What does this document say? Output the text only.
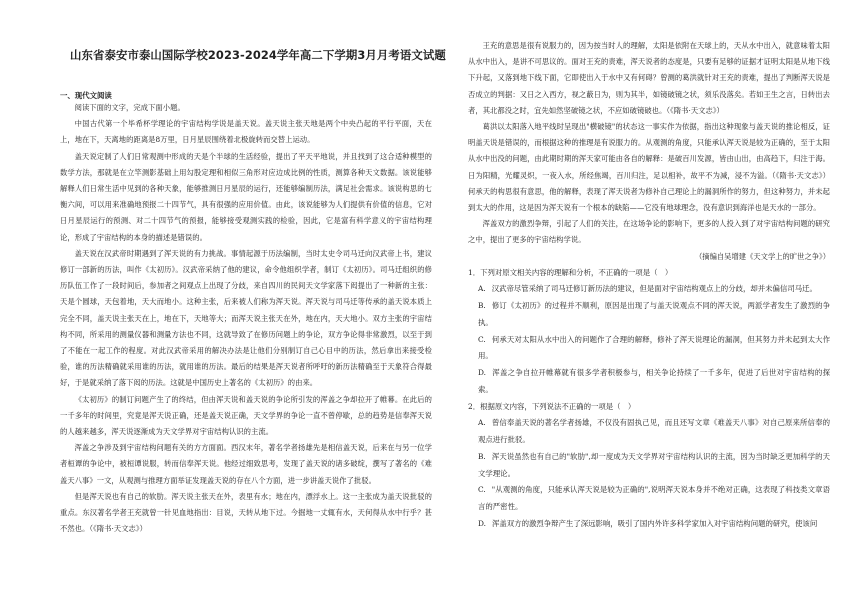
山东省泰安市泰山国际学校2023-2024学年高二下学期3月月考语文试题

一、现代文阅读

阅读下面的文字，完成下面小题。

中国古代第一个毕希杯学理论的宇宙结构学说是盖天说。盖天说主张天地是两个中央凸起的平行平面，天在上，地在下，天离地的距离是8万里，日月星辰围绕着北极旋转而交替上运动。

盖天说定制了人们日常观测中形成的天是个半球的生活经验，提出了平天平地说，并且找到了这合适种模型的数学方法，那就是在立竿测影基础上用勾股定理和相似三角形对应边成比例的性质，测算各种天文数据。该说能够解释人们日常生活中见到的各种天象，能够推测日月星辰的运行，还能够编制历法，满足社会需求。该说构思的七衡六间，可以用来准确地预报二十四节气，具有很强的应用价值。由此，该说能够为人们提供有价值的信息，它对日月星辰运行的预测、对二十四节气的预报，能够接受观测实践的检验，因此，它是富有科学意义的宇宙结构理论，形成了宇宙结构的本身的描述是错误的。

盖天说在汉武帝时期遇到了浑天说的有力挑战。事情起源于历法编制，当时太史令司马迁向汉武帝上书，建议修订一部新的历法，叫作《太初历》。汉武帝采纳了他的建议，命令他组织学者，制订《太初历》。司马迁组织的修历队伍工作了一段时间后，参加者之间观点上出现了分歧，来自四川的民间天文学家落下闳提出了一种新的主张：天是个圆球，天包着地，天大而地小。这种主张，后来被人们称为浑天说。浑天说与司马迁等传承的盖天说本质上完全不同，盖天说主张天在上，地在下，天地等大；而浑天说主张天在外，地在内，天大地小。双方主张的宇宙结构不同，所采用的测量仪器和测量方法也不同，这就导致了在修历问题上的争论，双方争论得非常激烈，以至于到了不能在一起工作的程度。对此汉武帝采用的解决办法是让他们分别制订自己心目中的历法，然后拿出来接受检验，谁的历法精确就采用谁的历法，就用谁的历法。最后的结果是浑天说者所呼吁的新历法精确至于天象符合得最好，于是就采纳了落下闳的历法。这就是中国历史上著名的《太初历》的由来。

《太初历》的制订问题产生了的终结，但由浑天说和盖天说的争论所引发的浑盖之争却拉开了帷幕。在此后的一千多年的时间里，究竟是浑天说正确，还是盖天说正确，天文学界的争论一直不曾停歇，总的趋势是信奉浑天说的人越来越多，浑天说逐渐成为天文学界对宇宙结构认识的主流。

浑盖之争涉及到宇宙结构问题有关的方方面面。西汉末年，著名学者扬雄先是相信盖天说，后来在与另一位学者桓谭的争论中，被桓谭说服，转而信奉浑天说。他经过细致思考，发现了盖天说的诸多破绽，撰写了著名的《难盖天八事》一文，从观测与推理方面举证发现盖天说的存在八个方面，进一步讲盖天说作了批驳。

但是浑天说也有自己的软肋。浑天说主张天在外，表里有水；地在内，漂浮水上。这一主张成为盖天说批驳的重点。东汉著名学者王充就曾一针见血地指出：目说，天转从地下过。今掘地一丈辄有水，天何得从水中行乎？甚不然也。（《隋书·天文志》）

王充的意思是很有说服力的，因为按当时人的理解，太阳是依附在天球上的，天从水中出入，就意味着太阳从水中出入，是讲不可思议的。面对王充的责难，浑天说者的态度是，只要有足够的证据才证明太阳是从地下线下升起，又落到地下线下面，它即使出入于水中又有何碍？曾测的葛洪就针对王充的责难，提出了判断浑天说是否成立的判据：又日之入西方，视之蔽日为，则为其半，如镜破镜之状，须乐没落矣。若如王生之言，日转出去者，其北都没之时，宜先如然坚破镜之状，不应如破镜破也。（《隋书·天文志》）

葛洪以太阳落入地平线时呈现出"横破镜"的状态这一事实作为依据，指出这种现象与盖天说的推论相反，证明盖天说是错误的，而根据这种的推理是有说服力的。从观测的角度，只能承认浑天说是较为正确的，至于太阳从水中出没的问题，由此期时期的浑天家可能由各自的解释：是破百川发源，皆由山出，由高趋下，归注于海。日为阳精，光耀灵炽，一夜入水，所经焦竭，百川归注，足以相补，故平不为减，浸不为溢。（《隋书·天文志》）何承天的构思很有意思，他的解释，表现了浑天说者为修补自己理论上的漏洞所作的努力，但这种努力，并未起到太大的作用，这是因为浑天说有一个根本的缺陷——它没有地球理念，没有意识到海洋也是天水的一部分。

浑盖双方的激烈争辩，引起了人们的关注，在这场争论的影响下，更多的人投入到了对宇宙结构问题的研究之中，提出了更多的宇宙结构学说。

（摘编自吴增建《天文学上的旷世之争》）

1．下列对原文相关内容的理解和分析，不正确的一项是（　）

A. 汉武帝尽管采纳了司马迁修订新历法的建议，但是面对宇宙结构观点上的分歧，却并未偏信司马迁。

B. 修订《太初历》的过程并不顺利，原因是出现了与盖天说观点不同的浑天说，两派学者发生了激烈的争执。

C. 何承天对太阳从水中出入的问题作了合理的解释，修补了浑天说理论的漏洞，但其努力并未起到太大作用。

D. 浑盖之争自拉开帷幕就有很多学者积极参与，相关争论持续了一千多年，促进了后世对宇宙结构的探索。

2．根据原文内容，下列说法不正确的一项是（　）

A. 曾信奉盖天说的著名学者扬雄，不仅没有固执己见，而且还写文章《难盖天八事》对自己原来所信奉的观点进行批驳。

B. 浑天说虽然也有自己的"软肋",却一度成为天文学界对宇宙结构认识的主流，因为当时缺乏更加科学的天文学理论。

C. "从观测的角度，只能承认浑天说是较为正确的",说明浑天说本身并不绝对正确，这表现了科技类文章语言的严密性。

D. 浑盖双方的激烈争辩产生了深远影响，吸引了国内外许多科学家加入对宇宙结构问题的研究，使该问
